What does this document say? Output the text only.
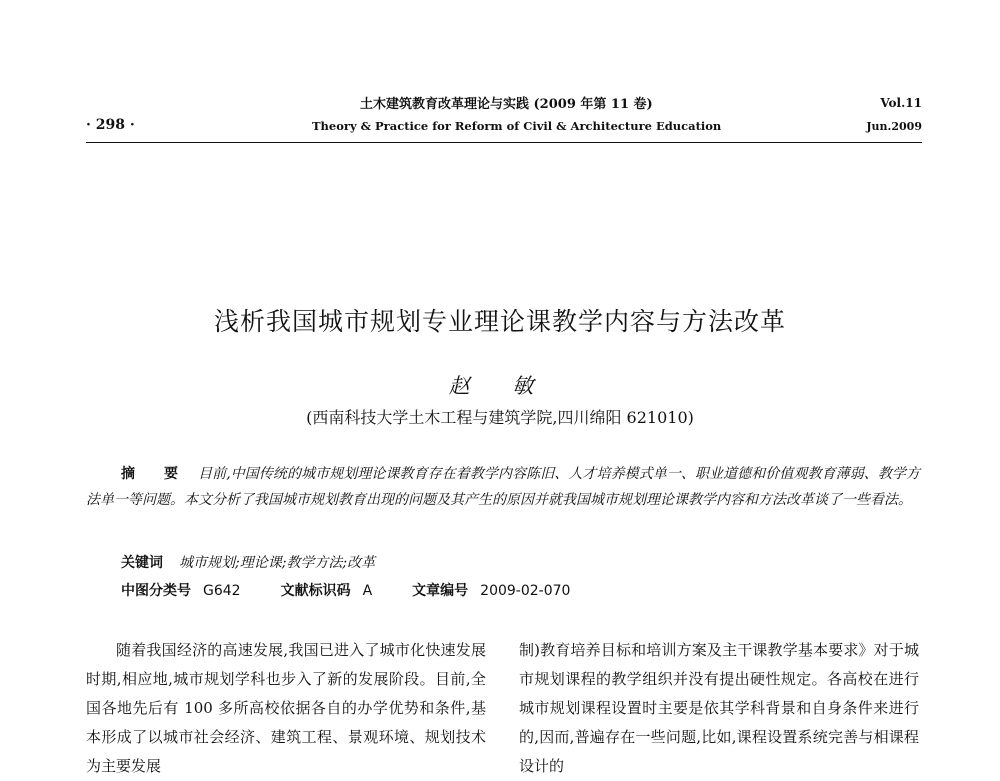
土木建筑教育改革理论与实践 (2009 年第 11 卷)
Theory & Practice for Reform of Civil & Architecture Education
· 298 ·
Vol.11
Jun.2009
浅析我国城市规划专业理论课教学内容与方法改革
赵 敏
(西南科技大学土木工程与建筑学院,四川绵阳 621010)
摘 要 目前,中国传统的城市规划理论课教育存在着教学内容陈旧、人才培养模式单一、职业道德和价值观教育薄弱、教学方法单一等问题。本文分析了我国城市规划教育出现的问题及其产生的原因并就我国城市规划理论课教学内容和方法改革谈了一些看法。
关键词 城市规划;理论课;教学方法;改革
中图分类号 G642	文献标识码 A	文章编号 2009-02-070

随着我国经济的高速发展,我国已进入了城市化快速发展时期,相应地,城市规划学科也步入了新的发展阶段。目前,全国各地先后有 100 多所高校依据各自的办学优势和条件,基本形成了以城市社会经济、建筑工程、景观环境、规划技术为主要发展

制)教育培养目标和培训方案及主干课教学基本要求》对于城市规划课程的教学组织并没有提出硬性规定。各高校在进行城市规划课程设置时主要是依其学科背景和自身条件来进行的,因而,普遍存在一些问题,比如,课程设置系统完善与相课程设计的
